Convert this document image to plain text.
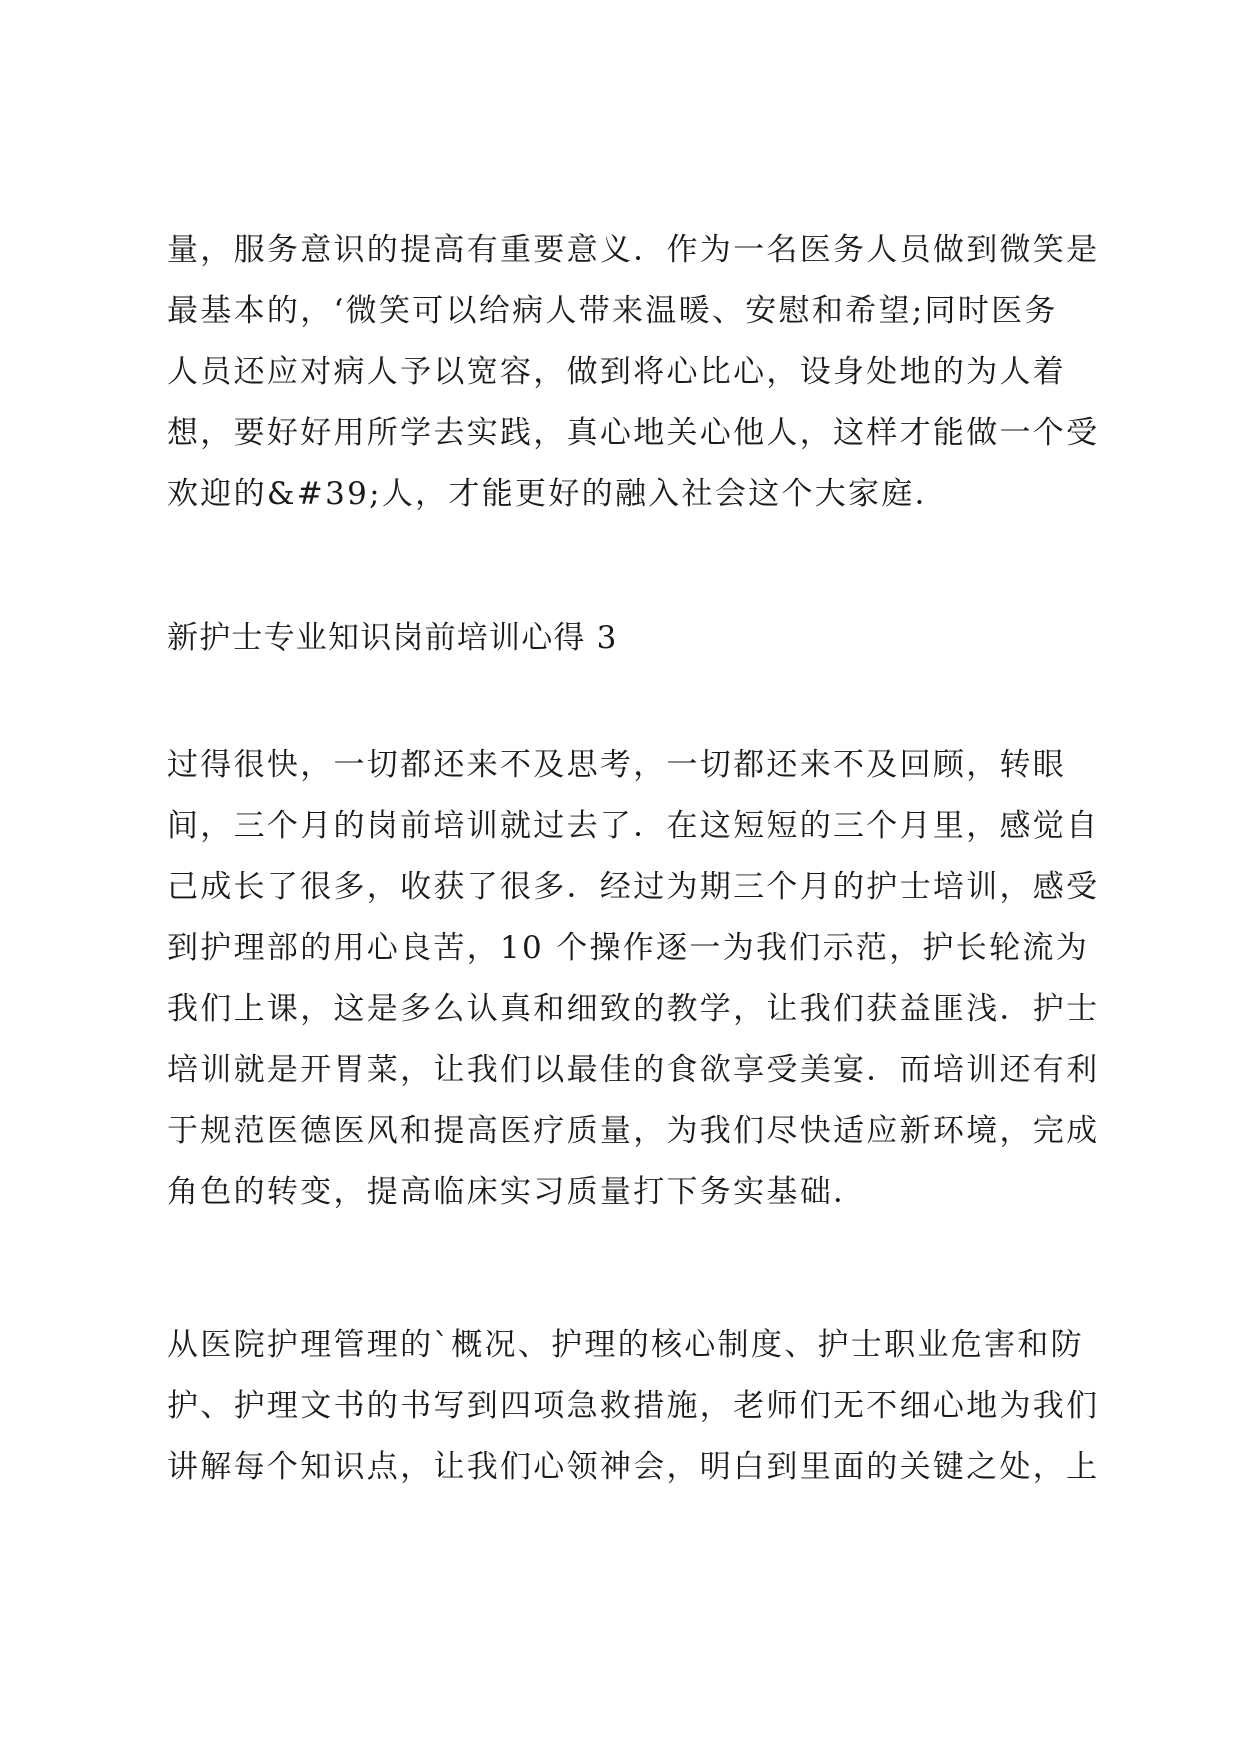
量，服务意识的提高有重要意义．作为一名医务人员做到微笑是
最基本的，‘微笑可以给病人带来温暖、安慰和希望;同时医务
人员还应对病人予以宽容，做到将心比心，设身处地的为人着
想，要好好用所学去实践，真心地关心他人，这样才能做一个受
欢迎的&#39;人，才能更好的融入社会这个大家庭．
新护士专业知识岗前培训心得 3
过得很快，一切都还来不及思考，一切都还来不及回顾，转眼
间，三个月的岗前培训就过去了．在这短短的三个月里，感觉自
己成长了很多，收获了很多．经过为期三个月的护士培训，感受
到护理部的用心良苦，10 个操作逐一为我们示范，护长轮流为
我们上课，这是多么认真和细致的教学，让我们获益匪浅．护士
培训就是开胃菜，让我们以最佳的食欲享受美宴．而培训还有利
于规范医德医风和提高医疗质量，为我们尽快适应新环境，完成
角色的转变，提高临床实习质量打下务实基础．
从医院护理管理的`概况、护理的核心制度、护士职业危害和防
护、护理文书的书写到四项急救措施，老师们无不细心地为我们
讲解每个知识点，让我们心领神会，明白到里面的关键之处，上
